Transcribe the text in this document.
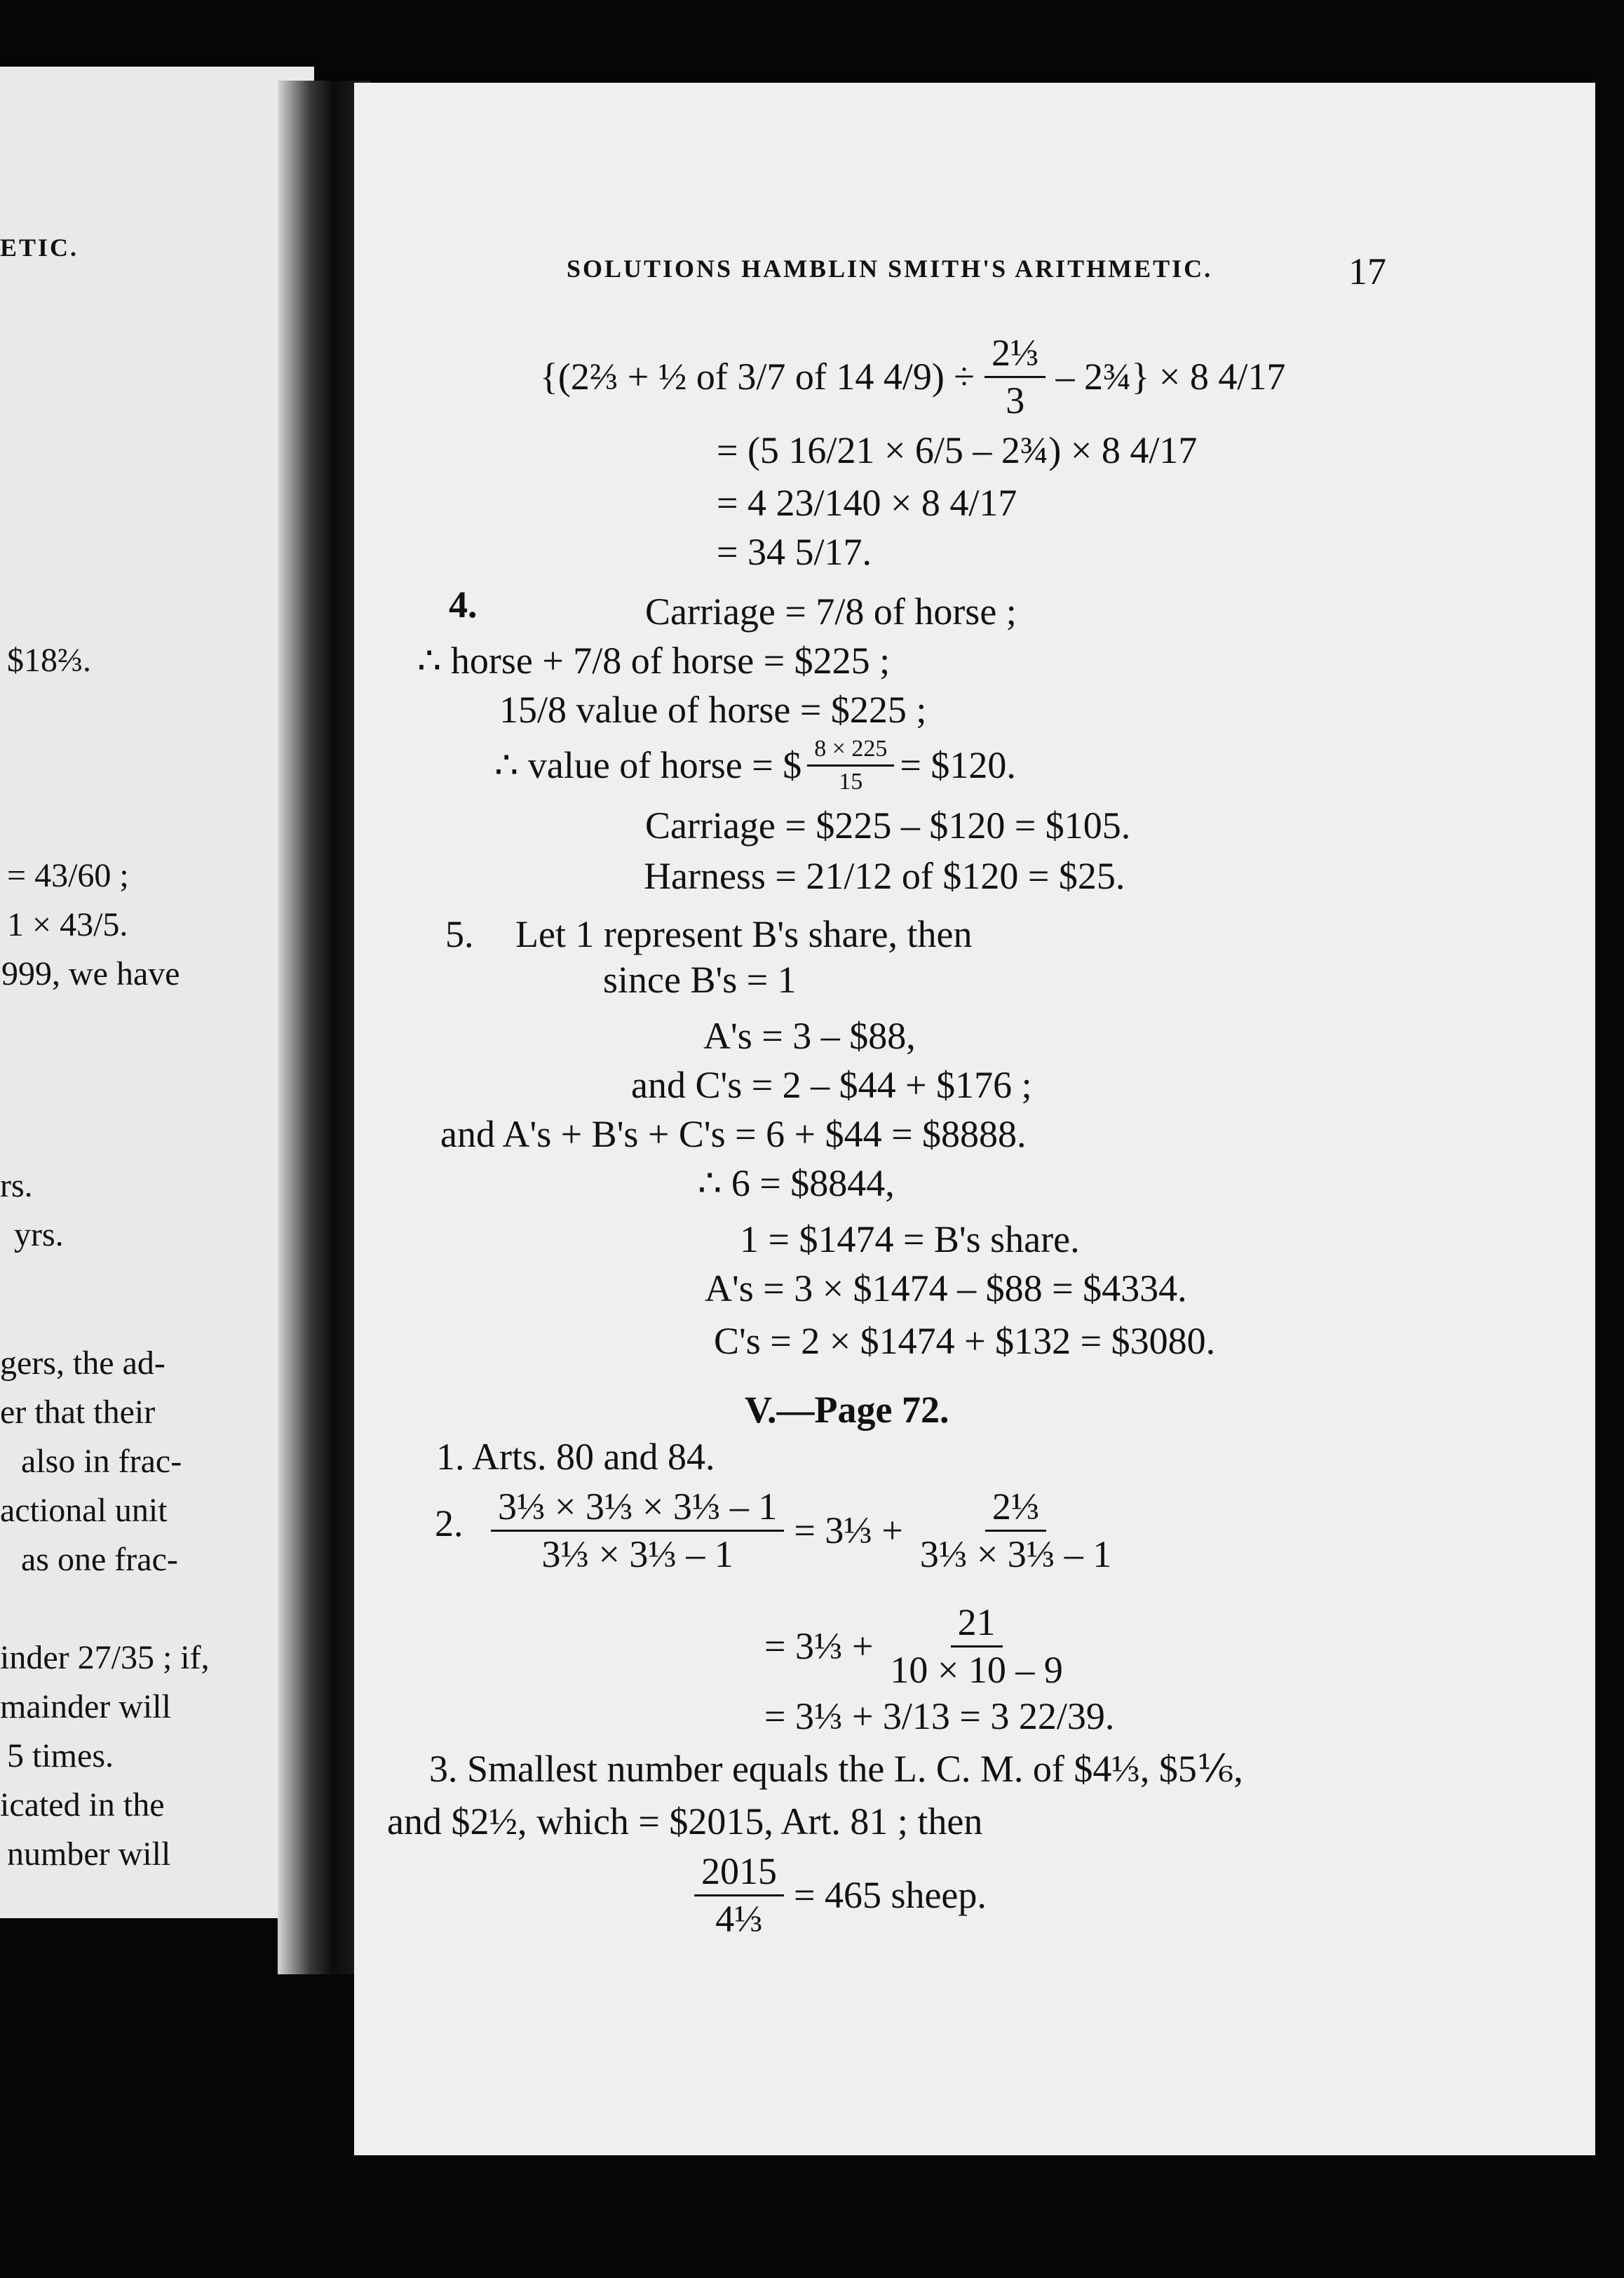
ETIC.
$18⅔.
= 43/60 ;
1 × 43/5.
999, we have
rs.
yrs.
gers, the ad-
er that their
also in frac-
actional unit
as one frac-
inder 27/35 ; if,
mainder will
5 times.
icated in the
number will
SOLUTIONS HAMBLIN SMITH'S ARITHMETIC.	17
{(2⅔ + ½ of 3/7 of 14 $4/9) \div \frac{\text{2⅓}}{3}$ – 2¾} × 8 4/17
= (5 16/21 × 6/5 – 2¾) × 8 4/17
= 4 23/140 × 8 4/17
= 34 5/17.
4.	Carriage = 7/8 of horse ;
∴ horse + 7/8 of horse = $225 ;
15/8 value of horse = $225 ;
∴ value of horse = $ $\frac{8 \times 225}{15}$ = $120.
Carriage = $225 – $120 = $105.
Harness = 21/12 of $120 = $25.
5. Let 1 represent B's share, then
since B's = 1
A's = 3 – $88,
and C's = 2 – $44 + $176 ;
and A's + B's + C's = 6 + $44 = $8888.
∴ 6 = $8844,
1 = $1474 = B's share.
A's = 3 × $1474 – $88 = $4334.
C's = 2 × $1474 + $132 = $3080.
V.—Page 72.
1. Arts. 80 and 84.
2. $\frac{\text{3⅓ × 3⅓ × 3⅓ – 1}}{\text{3⅓ × 3⅓ – 1}}$ = 3⅓ + $\frac{\text{2⅓}}{\text{3⅓ × 3⅓ – 1}}$
= 3⅓ + $\frac{21}{10 \times 10 - 9}$
= 3⅓ + 3/13 = 3 22/39.
3. Smallest number equals the L. C. M. of $4⅓, $5⅙,
and $2½, which = $2015, Art. 81 ; then
$\frac{2015}{\text{4⅓}} = 465$ sheep.
